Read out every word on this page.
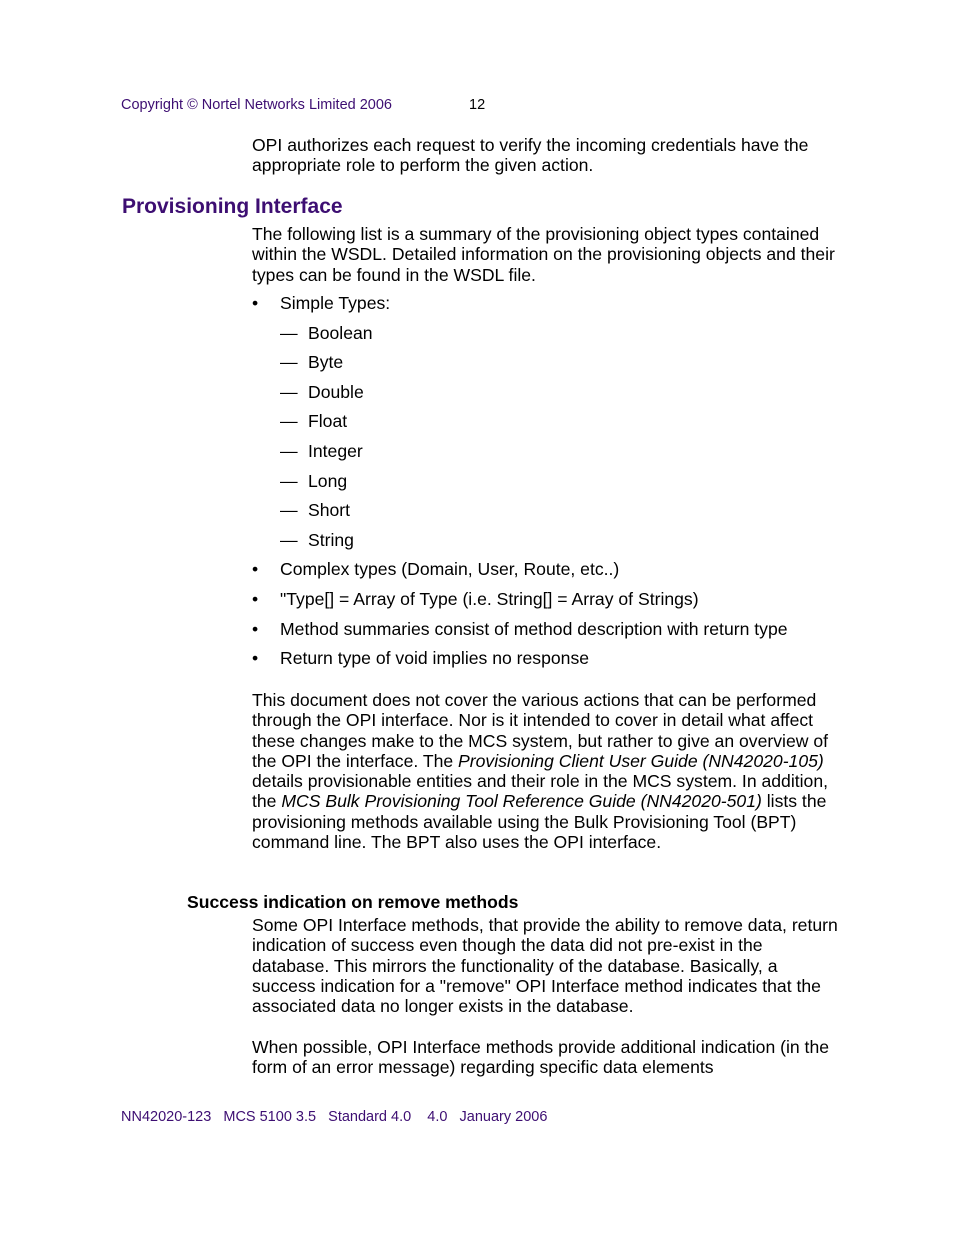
Copyright © Nortel Networks Limited 2006	12
OPI authorizes each request to verify the incoming credentials have the appropriate role to perform the given action.
Provisioning Interface
The following list is a summary of the provisioning object types contained within the WSDL. Detailed information on the provisioning objects and their types can be found in the WSDL file.
• Simple Types:
— Boolean
— Byte
— Double
— Float
— Integer
— Long
— Short
— String
• Complex types (Domain, User, Route, etc..)
• "Type[] = Array of Type (i.e. String[] = Array of Strings)
• Method summaries consist of method description with return type
• Return type of void implies no response
This document does not cover the various actions that can be performed through the OPI interface. Nor is it intended to cover in detail what affect these changes make to the MCS system, but rather to give an overview of the OPI the interface. The Provisioning Client User Guide (NN42020-105) details provisionable entities and their role in the MCS system. In addition, the MCS Bulk Provisioning Tool Reference Guide (NN42020-501) lists the provisioning methods available using the Bulk Provisioning Tool (BPT) command line. The BPT also uses the OPI interface.
Success indication on remove methods
Some OPI Interface methods, that provide the ability to remove data, return indication of success even though the data did not pre-exist in the database. This mirrors the functionality of the database. Basically, a success indication for a "remove" OPI Interface method indicates that the associated data no longer exists in the database.
When possible, OPI Interface methods provide additional indication (in the form of an error message) regarding specific data elements
NN42020-123   MCS 5100 3.5   Standard 4.0    4.0   January 2006
